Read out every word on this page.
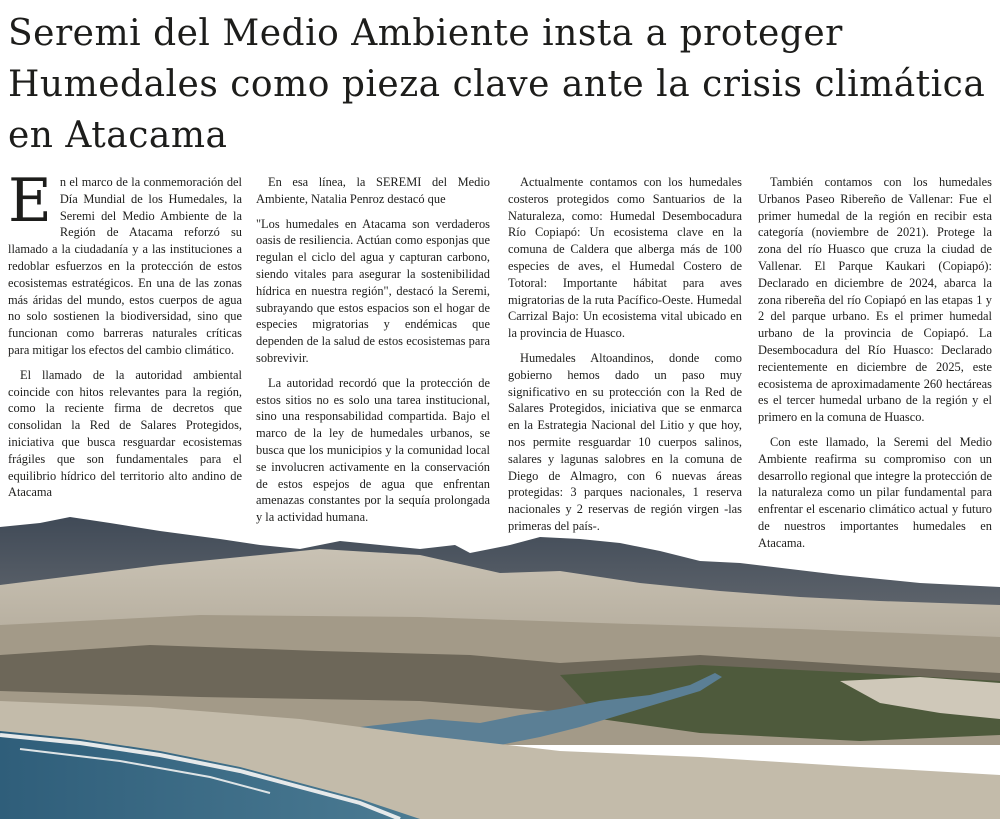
Seremi del Medio Ambiente insta a proteger Humedales como pieza clave ante la crisis climática en Atacama

En el marco de la conmemoración del Día Mundial de los Humedales, la Seremi del Medio Ambiente de la Región de Atacama reforzó su llamado a la ciudadanía y a las instituciones a redoblar esfuerzos en la protección de estos ecosistemas estratégicos. En una de las zonas más áridas del mundo, estos cuerpos de agua no solo sostienen la biodiversidad, sino que funcionan como barreras naturales críticas para mitigar los efectos del cambio climático.

El llamado de la autoridad ambiental coincide con hitos relevantes para la región, como la reciente firma de decretos que consolidan la Red de Salares Protegidos, iniciativa que busca resguardar ecosistemas frágiles que son fundamentales para el equilibrio hídrico del territorio alto andino de Atacama

En esa línea, la SEREMI del Medio Ambiente, Natalia Penroz destacó que

"Los humedales en Atacama son verdaderos oasis de resiliencia. Actúan como esponjas que regulan el ciclo del agua y capturan carbono, siendo vitales para asegurar la sostenibilidad hídrica en nuestra región", destacó la Seremi, subrayando que estos espacios son el hogar de especies migratorias y endémicas que dependen de la salud de estos ecosistemas para sobrevivir.

La autoridad recordó que la protección de estos sitios no es solo una tarea institucional, sino una responsabilidad compartida. Bajo el marco de la ley de humedales urbanos, se busca que los municipios y la comunidad local se involucren activamente en la conservación de estos espejos de agua que enfrentan amenazas constantes por la sequía prolongada y la actividad humana.

Actualmente contamos con los humedales costeros protegidos como Santuarios de la Naturaleza, como: Humedal Desembocadura Río Copiapó: Un ecosistema clave en la comuna de Caldera que alberga más de 100 especies de aves, el Humedal Costero de Totoral: Importante hábitat para aves migratorias de la ruta Pacífico-Oeste. Humedal Carrizal Bajo: Un ecosistema vital ubicado en la provincia de Huasco.

Humedales Altoandinos, donde como gobierno hemos dado un paso muy significativo en su protección con la Red de Salares Protegidos, iniciativa que se enmarca en la Estrategia Nacional del Litio y que hoy, nos permite resguardar 10 cuerpos salinos, salares y lagunas salobres en la comuna de Diego de Almagro, con 6 nuevas áreas protegidas: 3 parques nacionales, 1 reserva nacionales y 2 reservas de región virgen -las primeras del país-.

También contamos con los humedales Urbanos Paseo Ribereño de Vallenar: Fue el primer humedal de la región en recibir esta categoría (noviembre de 2021). Protege la zona del río Huasco que cruza la ciudad de Vallenar. El Parque Kaukari (Copiapó): Declarado en diciembre de 2024, abarca la zona ribereña del río Copiapó en las etapas 1 y 2 del parque urbano. Es el primer humedal urbano de la provincia de Copiapó. La Desembocadura del Río Huasco: Declarado recientemente en diciembre de 2025, este ecosistema de aproximadamente 260 hectáreas es el tercer humedal urbano de la región y el primero en la comuna de Huasco.

Con este llamado, la Seremi del Medio Ambiente reafirma su compromiso con un desarrollo regional que integre la protección de la naturaleza como un pilar fundamental para enfrentar el escenario climático actual y futuro de nuestros importantes humedales en Atacama.
